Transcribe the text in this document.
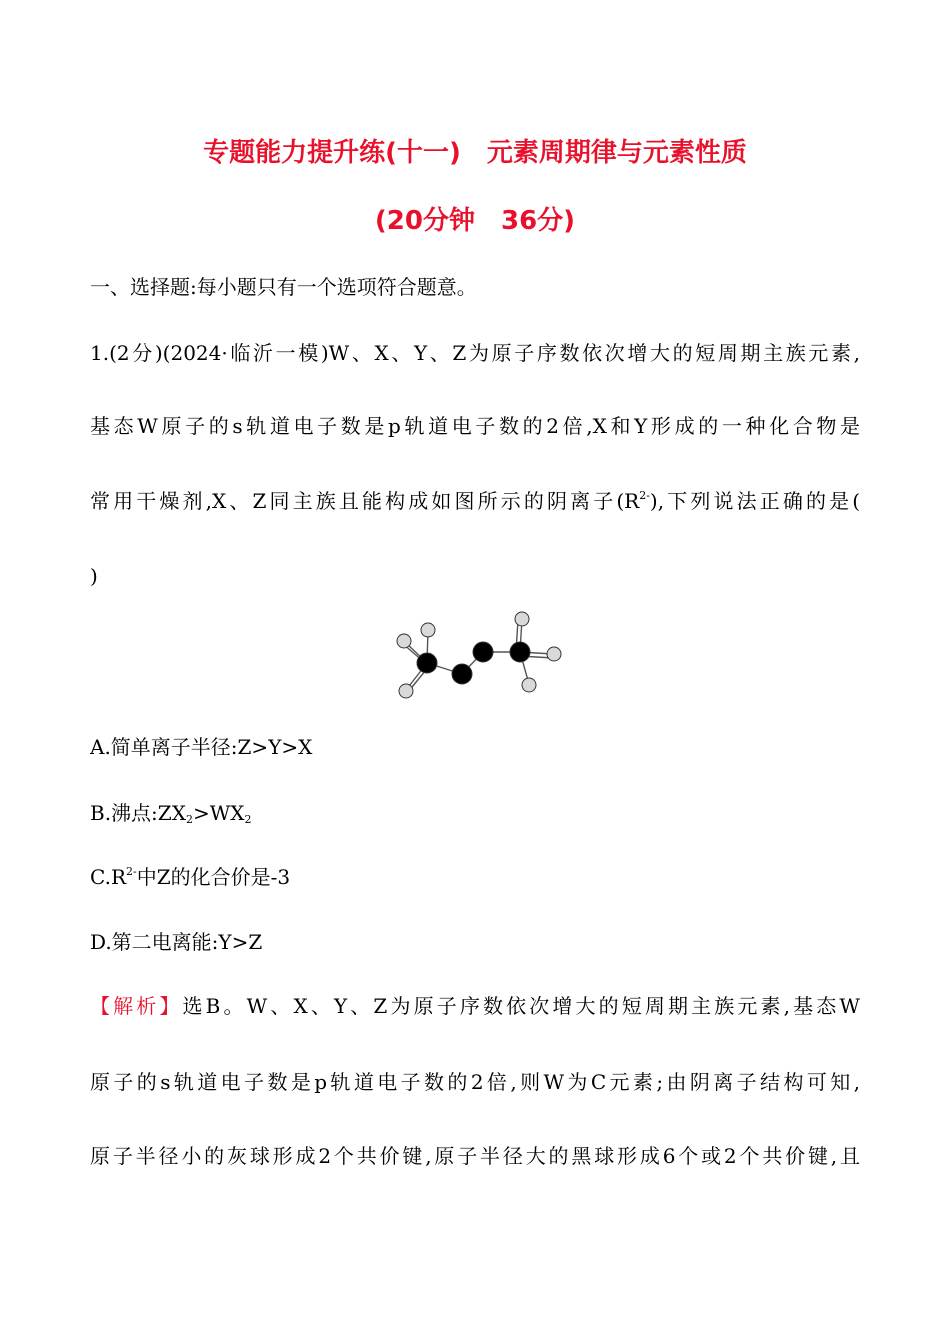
专题能力提升练(十一)　元素周期律与元素性质
(20分钟　36分)
一、选择题:每小题只有一个选项符合题意。
1.(2分)(2024·临沂一模)W、X、Y、Z为原子序数依次增大的短周期主族元素,
基态W原子的s轨道电子数是p轨道电子数的2倍,X和Y形成的一种化合物是
常用干燥剂,X、Z同主族且能构成如图所示的阴离子$(R^{2-})$,下列说法正确的是(
)
A.简单离子半径:Z>Y>X
B.沸点$:ZX_2>WX_2$
$C.R^{2-}$中Z的化合价是-3
D.第二电离能:Y>Z
【解析】选B。W、X、Y、Z为原子序数依次增大的短周期主族元素,基态W
原子的s轨道电子数是p轨道电子数的2倍,则W为C元素;由阴离子结构可知,
原子半径小的灰球形成2个共价键,原子半径大的黑球形成6个或2个共价键,且
